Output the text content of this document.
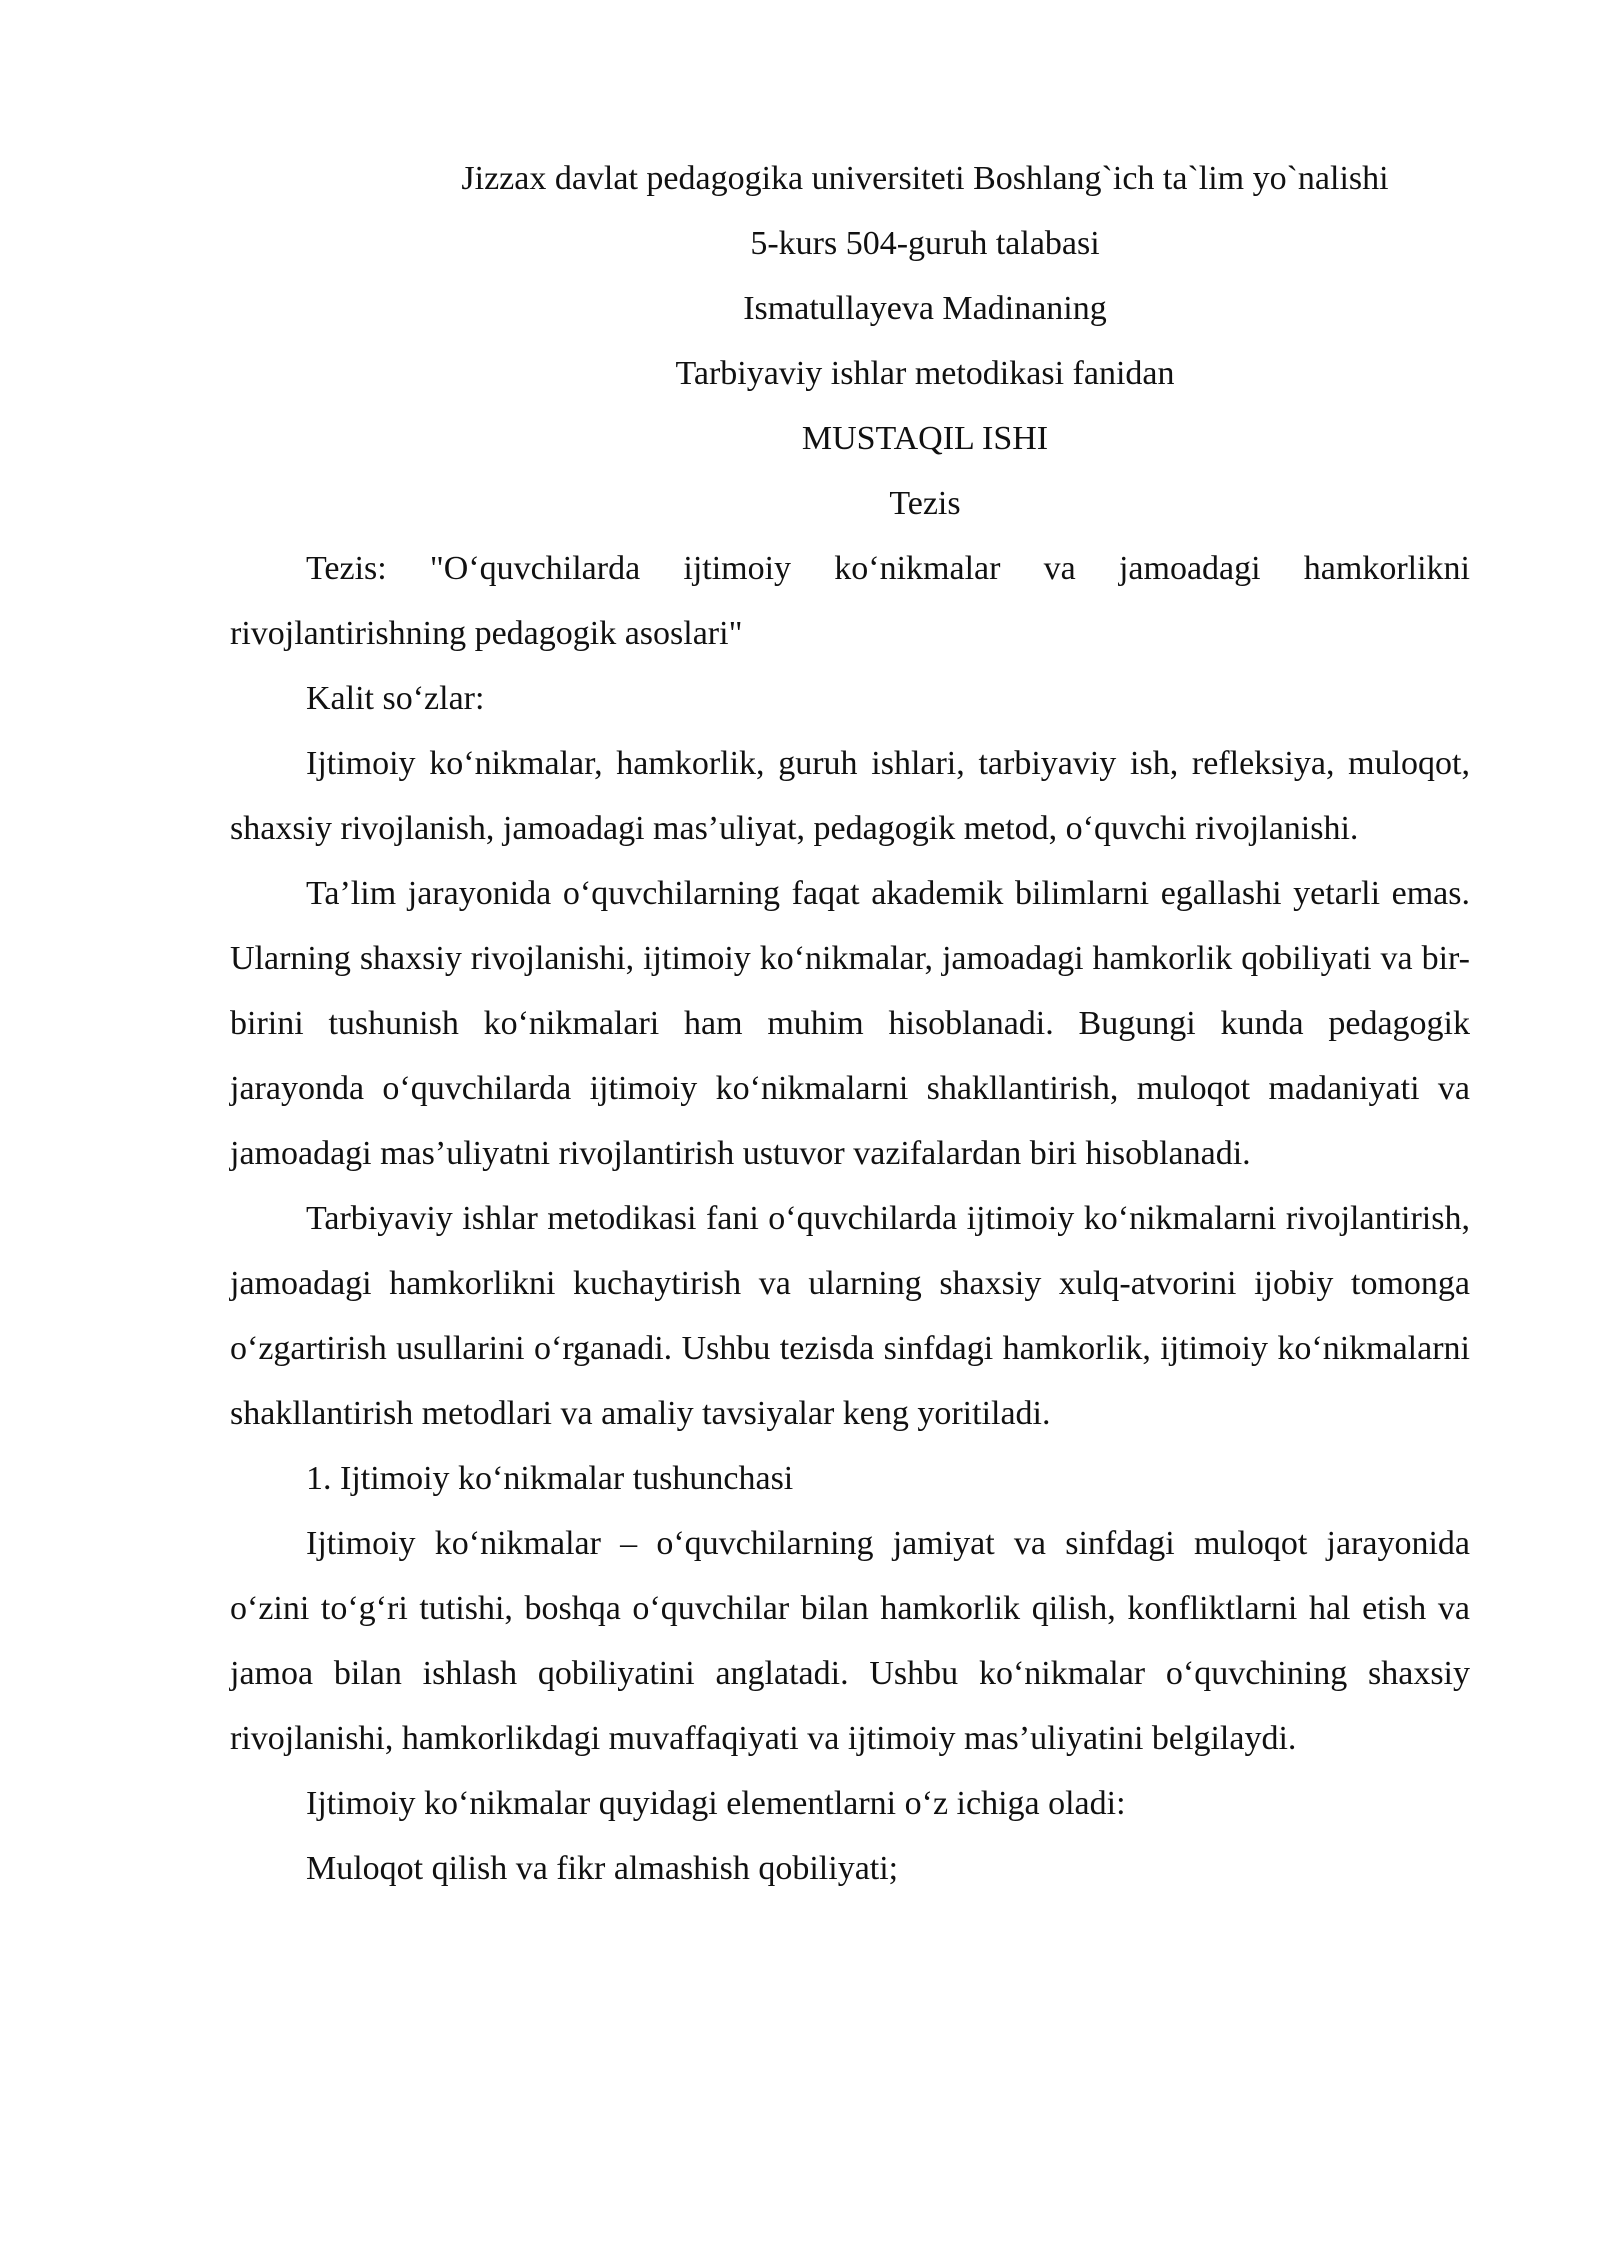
Jizzax davlat pedagogika universiteti Boshlang`ich ta`lim yo`nalishi

5-kurs 504-guruh talabasi

Ismatullayeva Madinaning

Tarbiyaviy ishlar metodikasi fanidan

MUSTAQIL ISHI

Tezis

Tezis: "O‘quvchilarda ijtimoiy ko‘nikmalar va jamoadagi hamkorlikni rivojlantirishning pedagogik asoslari"

Kalit so‘zlar:

Ijtimoiy ko‘nikmalar, hamkorlik, guruh ishlari, tarbiyaviy ish, refleksiya, muloqot, shaxsiy rivojlanish, jamoadagi mas’uliyat, pedagogik metod, o‘quvchi rivojlanishi.

Ta’lim jarayonida o‘quvchilarning faqat akademik bilimlarni egallashi yetarli emas. Ularning shaxsiy rivojlanishi, ijtimoiy ko‘nikmalar, jamoadagi hamkorlik qobiliyati va bir-birini tushunish ko‘nikmalari ham muhim hisoblanadi. Bugungi kunda pedagogik jarayonda o‘quvchilarda ijtimoiy ko‘nikmalarni shakllantirish, muloqot madaniyati va jamoadagi mas’uliyatni rivojlantirish ustuvor vazifalardan biri hisoblanadi.

Tarbiyaviy ishlar metodikasi fani o‘quvchilarda ijtimoiy ko‘nikmalarni rivojlantirish, jamoadagi hamkorlikni kuchaytirish va ularning shaxsiy xulq-atvorini ijobiy tomonga o‘zgartirish usullarini o‘rganadi. Ushbu tezisda sinfdagi hamkorlik, ijtimoiy ko‘nikmalarni shakllantirish metodlari va amaliy tavsiyalar keng yoritiladi.

1. Ijtimoiy ko‘nikmalar tushunchasi

Ijtimoiy ko‘nikmalar – o‘quvchilarning jamiyat va sinfdagi muloqot jarayonida o‘zini to‘g‘ri tutishi, boshqa o‘quvchilar bilan hamkorlik qilish, konfliktlarni hal etish va jamoa bilan ishlash qobiliyatini anglatadi. Ushbu ko‘nikmalar o‘quvchining shaxsiy rivojlanishi, hamkorlikdagi muvaffaqiyati va ijtimoiy mas’uliyatini belgilaydi.

Ijtimoiy ko‘nikmalar quyidagi elementlarni o‘z ichiga oladi:

Muloqot qilish va fikr almashish qobiliyati;
